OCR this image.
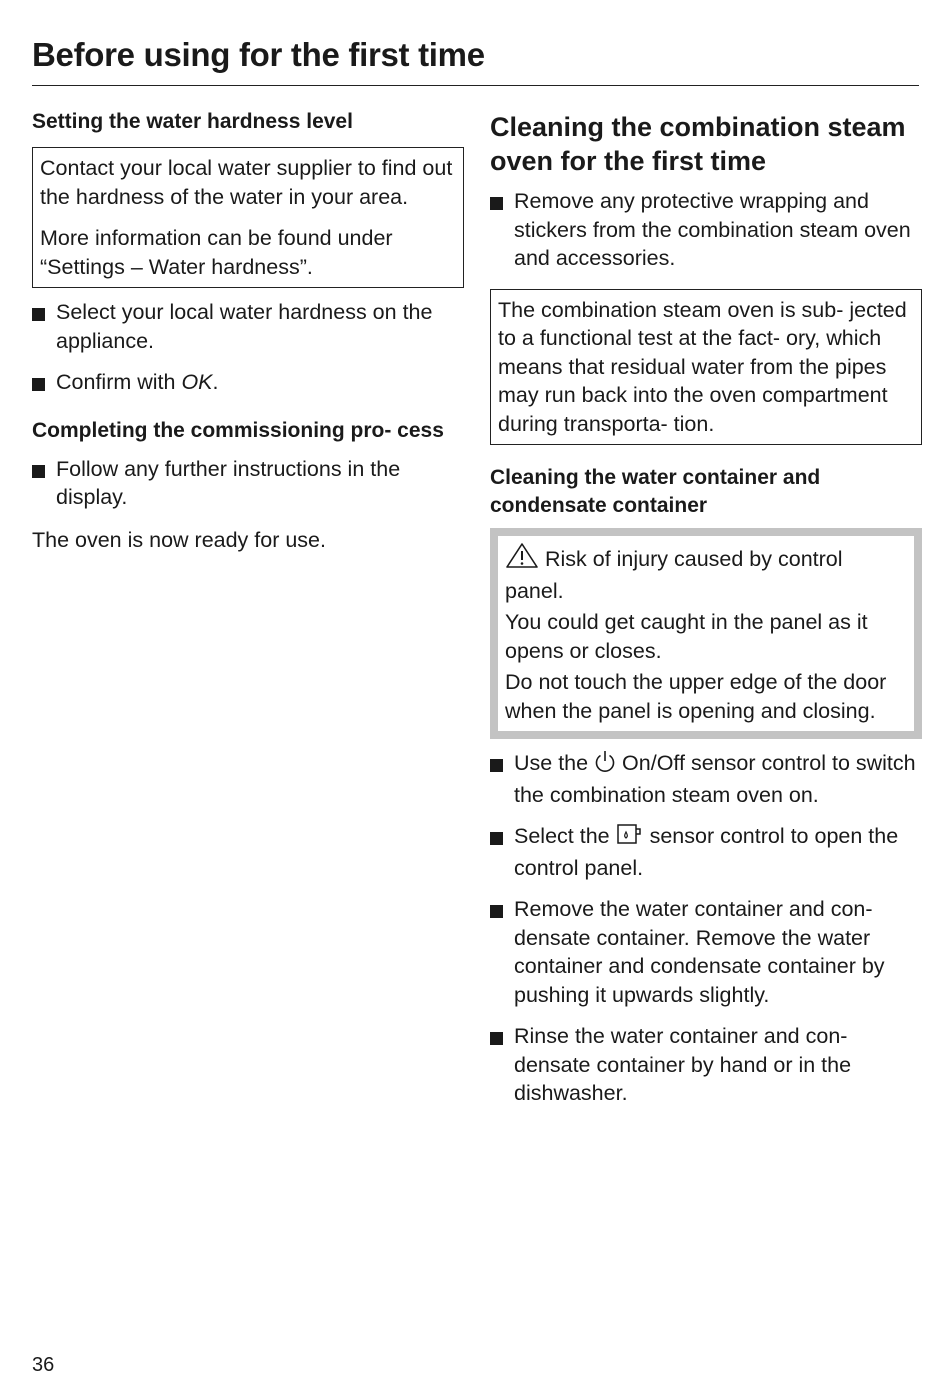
Before using for the first time
Setting the water hardness level

Contact your local water supplier to find out the hardness of the water in your area.

More information can be found under “Settings – Water hardness”.

Select your local water hardness on the appliance.

Confirm with OK.

Completing the commissioning pro- cess

Follow any further instructions in the display.

The oven is now ready for use.

Cleaning the combination steam oven for the first time

Remove any protective wrapping and stickers from the combination steam oven and accessories.

The combination steam oven is sub- jected to a functional test at the fact- ory, which means that residual water from the pipes may run back into the oven compartment during transporta- tion.

Cleaning the water container and condensate container

Risk of injury caused by control panel.

You could get caught in the panel as it opens or closes.

Do not touch the upper edge of the door when the panel is opening and closing.

Use the  On/Off sensor control to switch the combination steam oven on.

Select the  sensor control to open the control panel.

Remove the water container and con- densate container. Remove the water container and condensate container by pushing it upwards slightly.

Rinse the water container and con- densate container by hand or in the dishwasher.

36
